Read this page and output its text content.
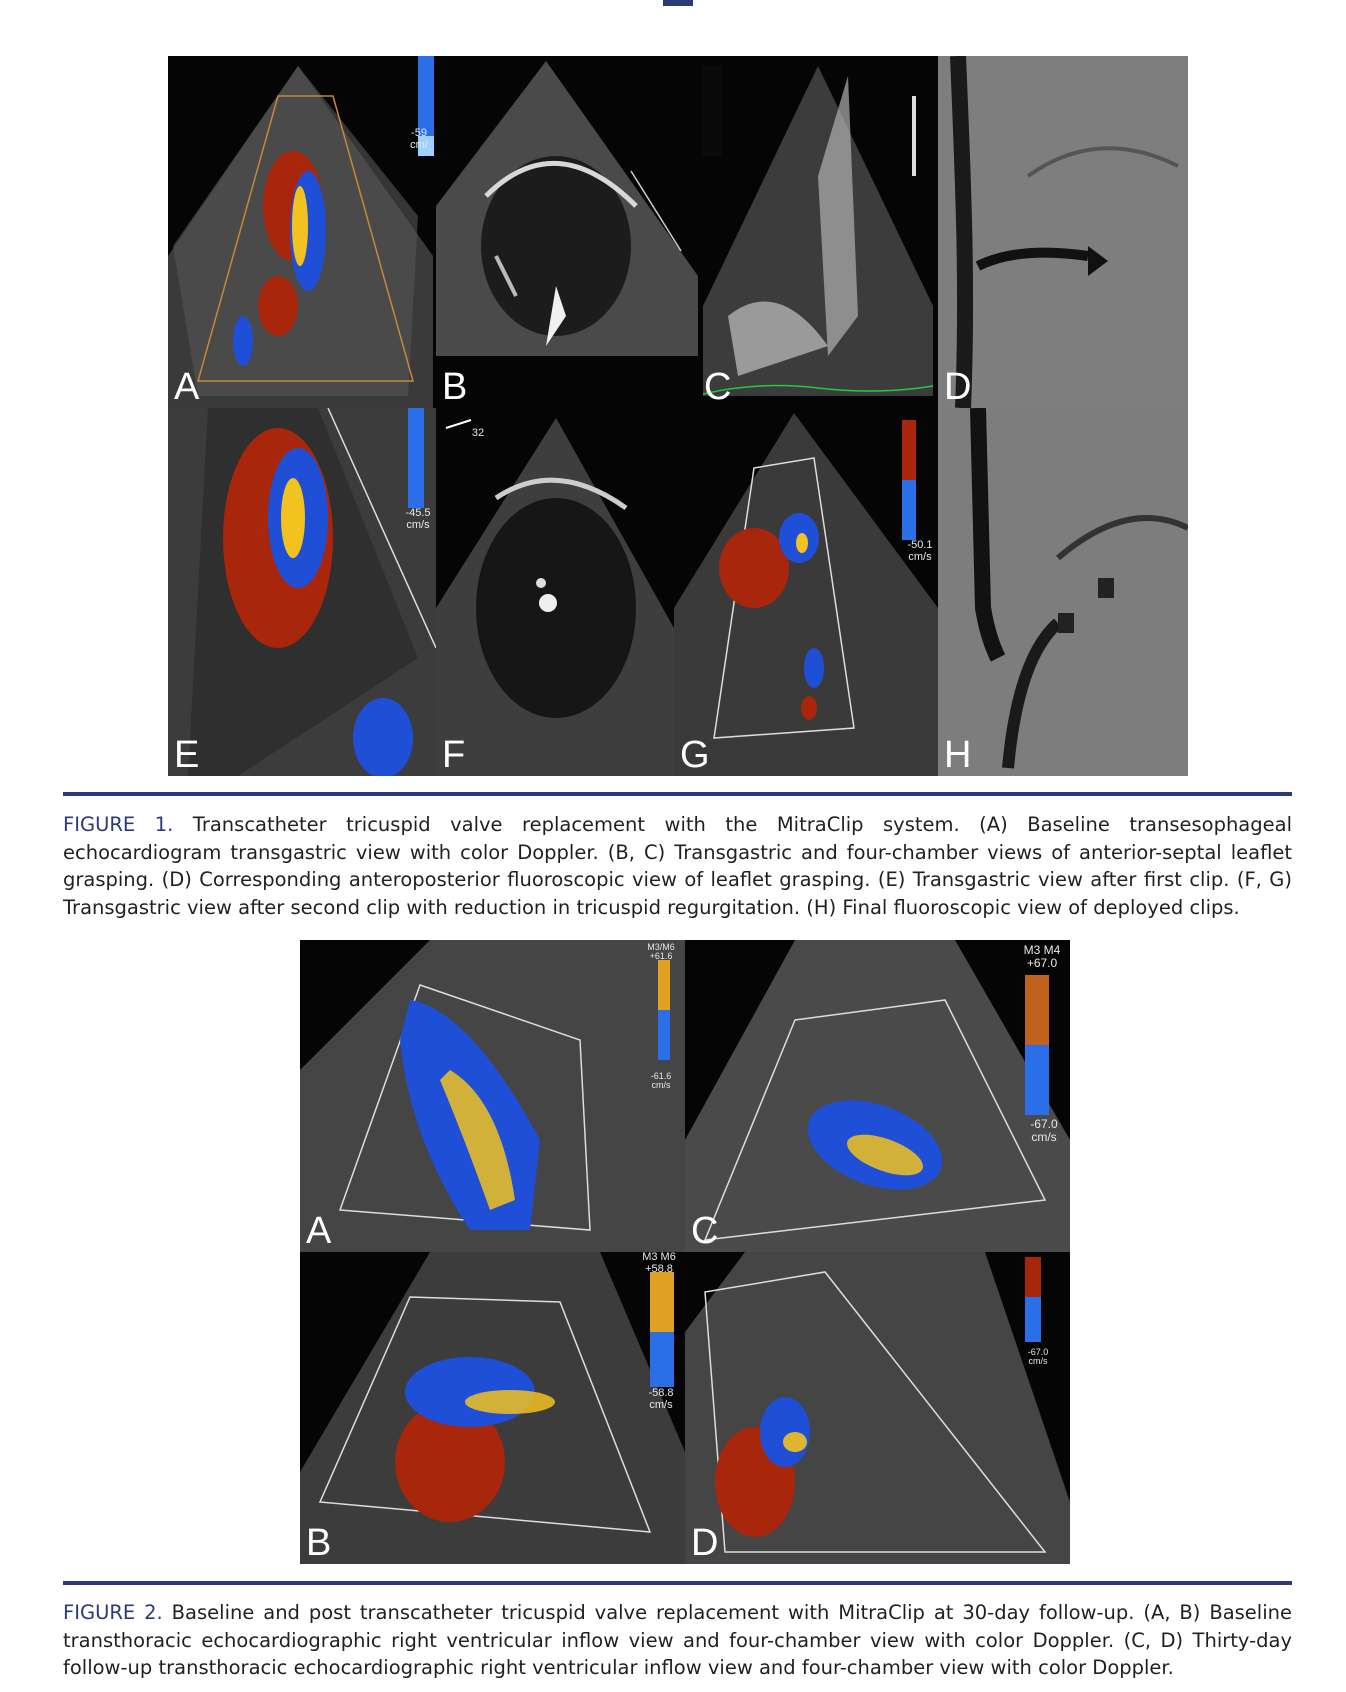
-59
cm/
A	B	C	D
-45.5
cm/s
E
32
F
-50.1
cm/s
G	H
FIGURE 1. Transcatheter tricuspid valve replacement with the MitraClip system. (A) Baseline transesophageal echocardiogram transgastric view with color Doppler. (B, C) Transgastric and four-chamber views of anterior-septal leaflet grasping. (D) Corresponding anteroposterior fluoroscopic view of leaflet grasping. (E) Transgastric view after first clip. (F, G) Transgastric view after second clip with reduction in tricuspid regurgitation. (H) Final fluoroscopic view of deployed clips.
M3/M6
+61.6
-61.6
cm/s
A
M3 M4
+67.0
-67.0
cm/s
C
M3 M6
+58.8
-58.8
cm/s
B
-67.0
cm/s
D
FIGURE 2. Baseline and post transcatheter tricuspid valve replacement with MitraClip at 30-day follow-up. (A, B) Baseline transthoracic echocardiographic right ventricular inflow view and four-chamber view with color Doppler. (C, D) Thirty-day follow-up transthoracic echocardiographic right ventricular inflow view and four-chamber view with color Doppler.
